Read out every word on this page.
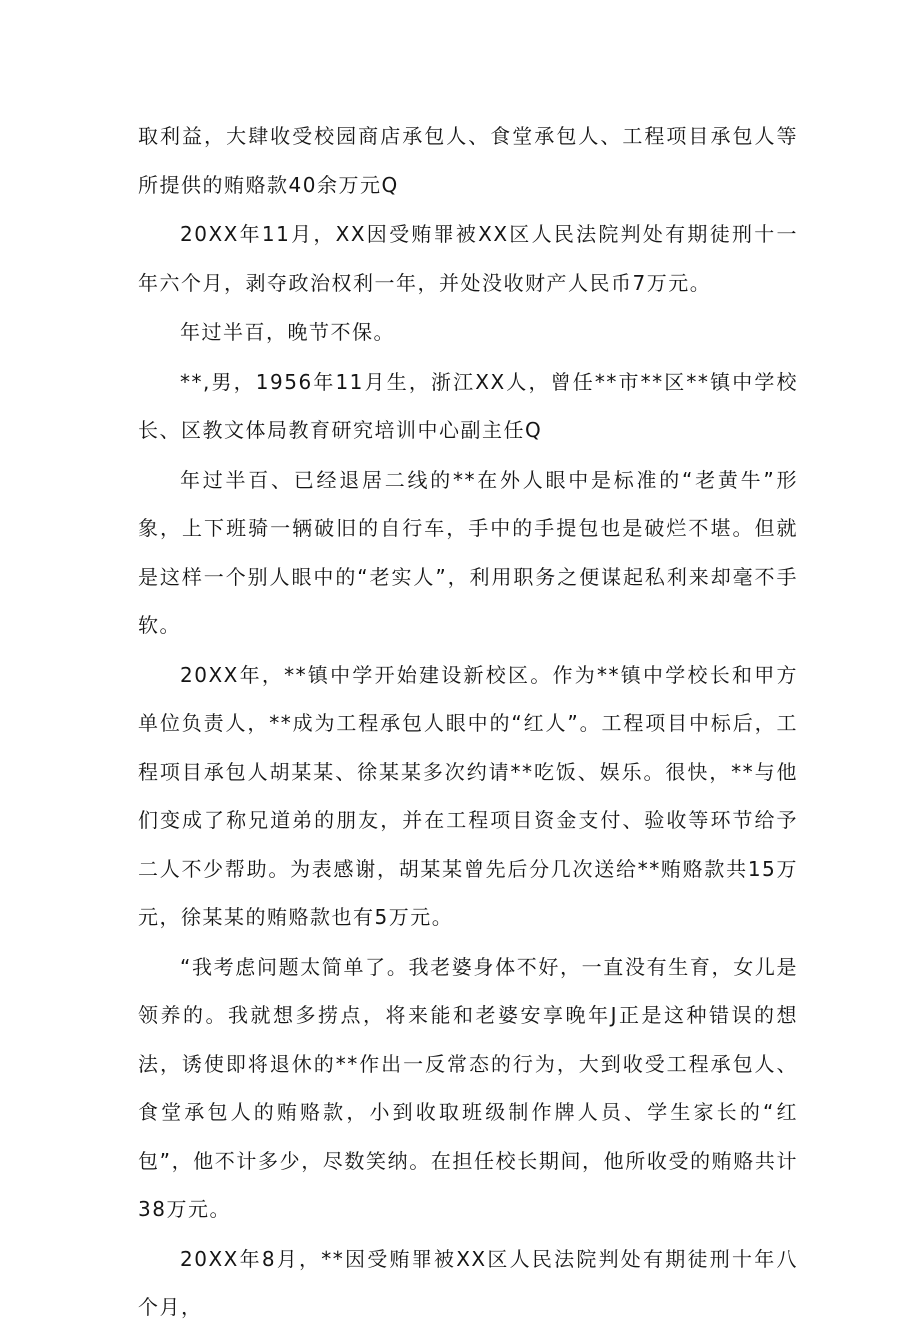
取利益，大肆收受校园商店承包人、食堂承包人、工程项目承包人等所提供的贿赂款40余万元Q

20XX年11月，XX因受贿罪被XX区人民法院判处有期徒刑十一年六个月，剥夺政治权利一年，并处没收财产人民币7万元。

年过半百，晚节不保。

**,男，1956年11月生，浙江XX人，曾任**市**区**镇中学校长、区教文体局教育研究培训中心副主任Q

年过半百、已经退居二线的**在外人眼中是标准的“老黄牛”形象，上下班骑一辆破旧的自行车，手中的手提包也是破烂不堪。但就是这样一个别人眼中的“老实人”，利用职务之便谋起私利来却毫不手软。

20XX年，**镇中学开始建设新校区。作为**镇中学校长和甲方单位负责人，**成为工程承包人眼中的“红人”。工程项目中标后，工程项目承包人胡某某、徐某某多次约请**吃饭、娱乐。很快，**与他们变成了称兄道弟的朋友，并在工程项目资金支付、验收等环节给予二人不少帮助。为表感谢，胡某某曾先后分几次送给**贿赂款共15万元，徐某某的贿赂款也有5万元。

“我考虑问题太简单了。我老婆身体不好，一直没有生育，女儿是领养的。我就想多捞点，将来能和老婆安享晚年J正是这种错误的想法，诱使即将退休的**作出一反常态的行为，大到收受工程承包人、食堂承包人的贿赂款，小到收取班级制作牌人员、学生家长的“红包”，他不计多少，尽数笑纳。在担任校长期间，他所收受的贿赂共计38万元。

20XX年8月，**因受贿罪被XX区人民法院判处有期徒刑十年八个月，
